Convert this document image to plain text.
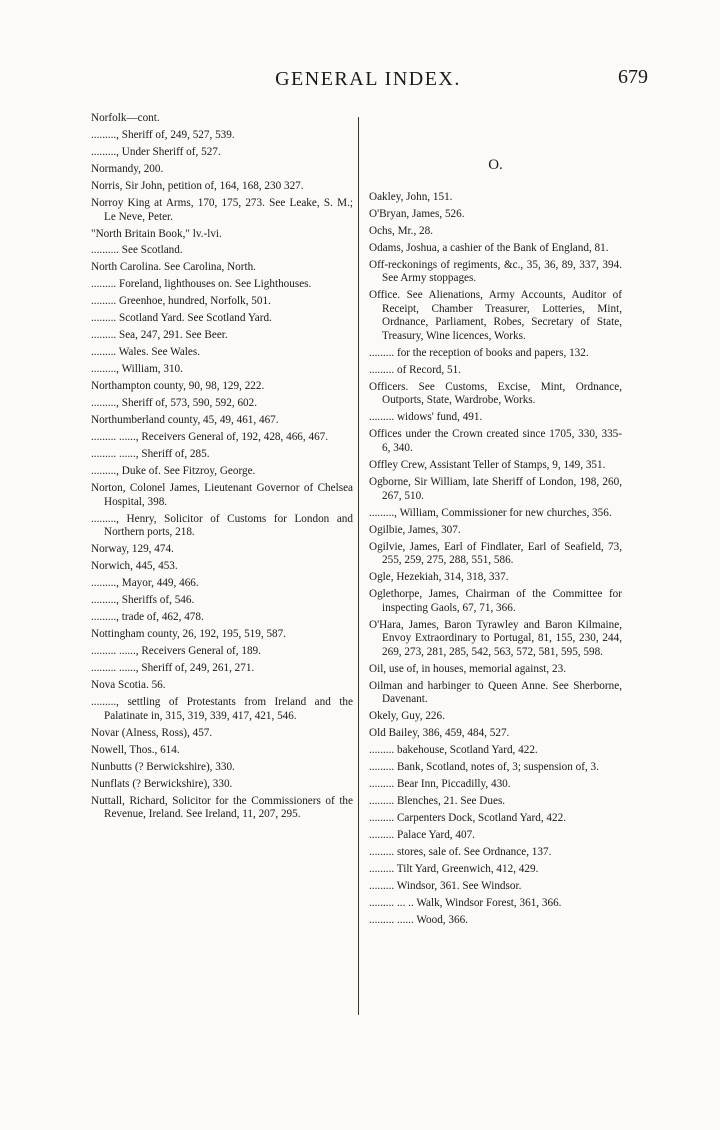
GENERAL INDEX.	679
Norfolk—cont.
........., Sheriff of, 249, 527, 539.
........., Under Sheriff of, 527.
Normandy, 200.
Norris, Sir John, petition of, 164, 168, 230 327.
Norroy King at Arms, 170, 175, 273. See Leake, S. M.; Le Neve, Peter.
"North Britain Book," lv.-lvi.
.......... See Scotland.
North Carolina. See Carolina, North.
......... Foreland, lighthouses on. See Lighthouses.
......... Greenhoe, hundred, Norfolk, 501.
......... Scotland Yard. See Scotland Yard.
......... Sea, 247, 291. See Beer.
......... Wales. See Wales.
........., William, 310.
Northampton county, 90, 98, 129, 222.
........., Sheriff of, 573, 590, 592, 602.
Northumberland county, 45, 49, 461, 467.
......... ......, Receivers General of, 192, 428, 466, 467.
......... ......, Sheriff of, 285.
........., Duke of. See Fitzroy, George.
Norton, Colonel James, Lieutenant Governor of Chelsea Hospital, 398.
........., Henry, Solicitor of Customs for London and Northern ports, 218.
Norway, 129, 474.
Norwich, 445, 453.
........., Mayor, 449, 466.
........., Sheriffs of, 546.
........., trade of, 462, 478.
Nottingham county, 26, 192, 195, 519, 587.
......... ......, Receivers General of, 189.
......... ......, Sheriff of, 249, 261, 271.
Nova Scotia. 56.
........., settling of Protestants from Ireland and the Palatinate in, 315, 319, 339, 417, 421, 546.
Novar (Alness, Ross), 457.
Nowell, Thos., 614.
Nunbutts (? Berwickshire), 330.
Nunflats (? Berwickshire), 330.
Nuttall, Richard, Solicitor for the Commissioners of the Revenue, Ireland. See Ireland, 11, 207, 295.
O.
Oakley, John, 151.
O'Bryan, James, 526.
Ochs, Mr., 28.
Odams, Joshua, a cashier of the Bank of England, 81.
Off-reckonings of regiments, &c., 35, 36, 89, 337, 394. See Army stoppages.
Office. See Alienations, Army Accounts, Auditor of Receipt, Chamber Treasurer, Lotteries, Mint, Ordnance, Parliament, Robes, Secretary of State, Treasury, Wine licences, Works.
......... for the reception of books and papers, 132.
......... of Record, 51.
Officers. See Customs, Excise, Mint, Ordnance, Outports, State, Wardrobe, Works.
......... widows' fund, 491.
Offices under the Crown created since 1705, 330, 335-6, 340.
Offley Crew, Assistant Teller of Stamps, 9, 149, 351.
Ogborne, Sir William, late Sheriff of London, 198, 260, 267, 510.
........., William, Commissioner for new churches, 356.
Ogilbie, James, 307.
Ogilvie, James, Earl of Findlater, Earl of Seafield, 73, 255, 259, 275, 288, 551, 586.
Ogle, Hezekiah, 314, 318, 337.
Oglethorpe, James, Chairman of the Committee for inspecting Gaols, 67, 71, 366.
O'Hara, James, Baron Tyrawley and Baron Kilmaine, Envoy Extraordinary to Portugal, 81, 155, 230, 244, 269, 273, 281, 285, 542, 563, 572, 581, 595, 598.
Oil, use of, in houses, memorial against, 23.
Oilman and harbinger to Queen Anne. See Sherborne, Davenant.
Okely, Guy, 226.
Old Bailey, 386, 459, 484, 527.
......... bakehouse, Scotland Yard, 422.
......... Bank, Scotland, notes of, 3; suspension of, 3.
......... Bear Inn, Piccadilly, 430.
......... Blenches, 21. See Dues.
......... Carpenters Dock, Scotland Yard, 422.
......... Palace Yard, 407.
......... stores, sale of. See Ordnance, 137.
......... Tilt Yard, Greenwich, 412, 429.
......... Windsor, 361. See Windsor.
......... ... .. Walk, Windsor Forest, 361, 366.
......... ...... Wood, 366.
